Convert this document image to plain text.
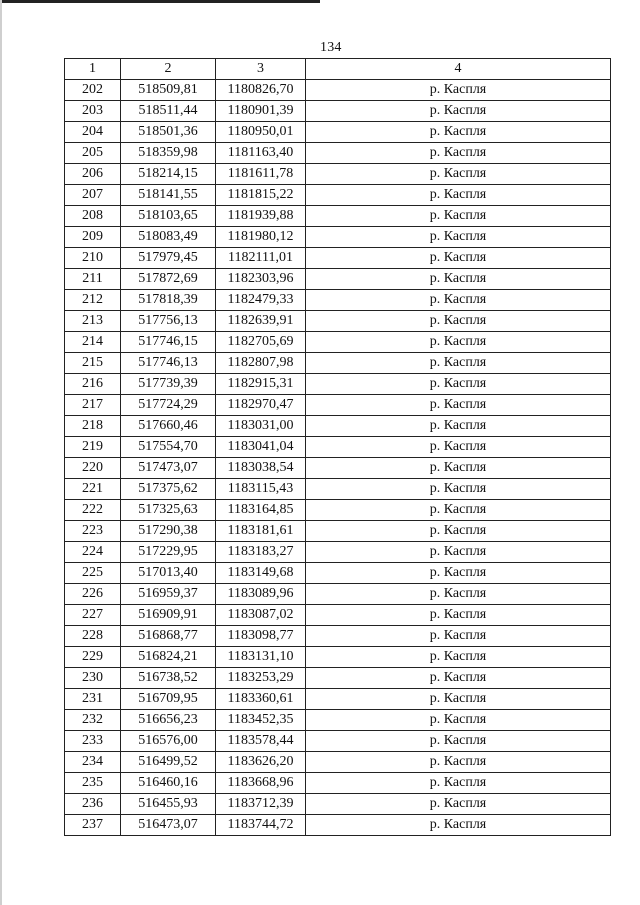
134
1	2	3	4
202	518509,81	1180826,70	р. Каспля
203	518511,44	1180901,39	р. Каспля
204	518501,36	1180950,01	р. Каспля
205	518359,98	1181163,40	р. Каспля
206	518214,15	1181611,78	р. Каспля
207	518141,55	1181815,22	р. Каспля
208	518103,65	1181939,88	р. Каспля
209	518083,49	1181980,12	р. Каспля
210	517979,45	1182111,01	р. Каспля
211	517872,69	1182303,96	р. Каспля
212	517818,39	1182479,33	р. Каспля
213	517756,13	1182639,91	р. Каспля
214	517746,15	1182705,69	р. Каспля
215	517746,13	1182807,98	р. Каспля
216	517739,39	1182915,31	р. Каспля
217	517724,29	1182970,47	р. Каспля
218	517660,46	1183031,00	р. Каспля
219	517554,70	1183041,04	р. Каспля
220	517473,07	1183038,54	р. Каспля
221	517375,62	1183115,43	р. Каспля
222	517325,63	1183164,85	р. Каспля
223	517290,38	1183181,61	р. Каспля
224	517229,95	1183183,27	р. Каспля
225	517013,40	1183149,68	р. Каспля
226	516959,37	1183089,96	р. Каспля
227	516909,91	1183087,02	р. Каспля
228	516868,77	1183098,77	р. Каспля
229	516824,21	1183131,10	р. Каспля
230	516738,52	1183253,29	р. Каспля
231	516709,95	1183360,61	р. Каспля
232	516656,23	1183452,35	р. Каспля
233	516576,00	1183578,44	р. Каспля
234	516499,52	1183626,20	р. Каспля
235	516460,16	1183668,96	р. Каспля
236	516455,93	1183712,39	р. Каспля
237	516473,07	1183744,72	р. Каспля
